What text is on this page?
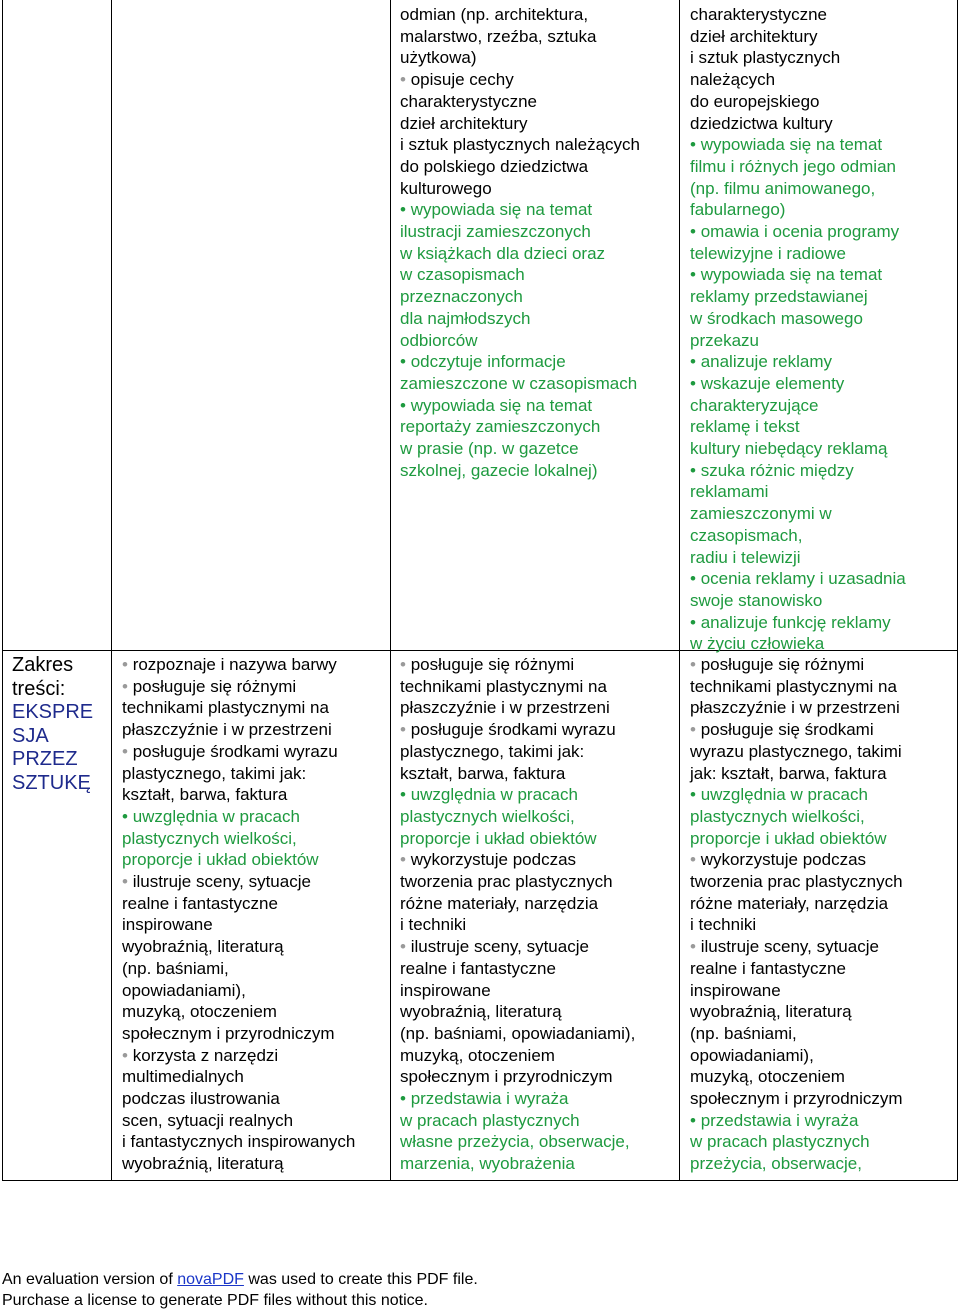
Zakres
treści:
EKSPRE
SJA
PRZEZ
SZTUKĘ
odmian (np. architektura,
malarstwo, rzeźba, sztuka
użytkowa)
• opisuje cechy
charakterystyczne
dzieł architektury
i sztuk plastycznych należących
do polskiego dziedzictwa
kulturowego
• wypowiada się na temat
ilustracji zamieszczonych
w książkach dla dzieci oraz
w czasopismach
przeznaczonych
dla najmłodszych
odbiorców
• odczytuje informacje
zamieszczone w czasopismach
• wypowiada się na temat
reportaży zamieszczonych
w prasie (np. w gazetce
szkolnej, gazecie lokalnej)
charakterystyczne
dzieł architektury
i sztuk plastycznych
należących
do europejskiego
dziedzictwa kultury
• wypowiada się na temat
filmu i różnych jego odmian
(np. filmu animowanego,
fabularnego)
• omawia i ocenia programy
telewizyjne i radiowe
• wypowiada się na temat
reklamy przedstawianej
w środkach masowego
przekazu
• analizuje reklamy
• wskazuje elementy
charakteryzujące
reklamę i tekst
kultury niebędący reklamą
• szuka różnic między
reklamami
zamieszczonymi w
czasopismach,
radiu i telewizji
• ocenia reklamy i uzasadnia
swoje stanowisko
• analizuje funkcję reklamy
w życiu człowieka
• rozpoznaje i nazywa barwy
• posługuje się różnymi
technikami plastycznymi na
płaszczyźnie i w przestrzeni
• posługuje środkami wyrazu
plastycznego, takimi jak:
kształt, barwa, faktura
• uwzględnia w pracach
plastycznych wielkości,
proporcje i układ obiektów
• ilustruje sceny, sytuacje
realne i fantastyczne
inspirowane
wyobraźnią, literaturą
(np. baśniami,
opowiadaniami),
muzyką, otoczeniem
społecznym i przyrodniczym
• korzysta z narzędzi
multimedialnych
podczas ilustrowania
scen, sytuacji realnych
i fantastycznych inspirowanych
wyobraźnią, literaturą
• posługuje się różnymi
technikami plastycznymi na
płaszczyźnie i w przestrzeni
• posługuje środkami wyrazu
plastycznego, takimi jak:
kształt, barwa, faktura
• uwzględnia w pracach
plastycznych wielkości,
proporcje i układ obiektów
• wykorzystuje podczas
tworzenia prac plastycznych
różne materiały, narzędzia
i techniki
• ilustruje sceny, sytuacje
realne i fantastyczne
inspirowane
wyobraźnią, literaturą
(np. baśniami, opowiadaniami),
muzyką, otoczeniem
społecznym i przyrodniczym
• przedstawia i wyraża
w pracach plastycznych
własne przeżycia, obserwacje,
marzenia, wyobrażenia
• posługuje się różnymi
technikami plastycznymi na
płaszczyźnie i w przestrzeni
• posługuje się środkami
wyrazu plastycznego, takimi
jak: kształt, barwa, faktura
• uwzględnia w pracach
plastycznych wielkości,
proporcje i układ obiektów
• wykorzystuje podczas
tworzenia prac plastycznych
różne materiały, narzędzia
i techniki
• ilustruje sceny, sytuacje
realne i fantastyczne
inspirowane
wyobraźnią, literaturą
(np. baśniami,
opowiadaniami),
muzyką, otoczeniem
społecznym i przyrodniczym
• przedstawia i wyraża
w pracach plastycznych
przeżycia, obserwacje,
An evaluation version of novaPDF was used to create this PDF file.
Purchase a license to generate PDF files without this notice.
